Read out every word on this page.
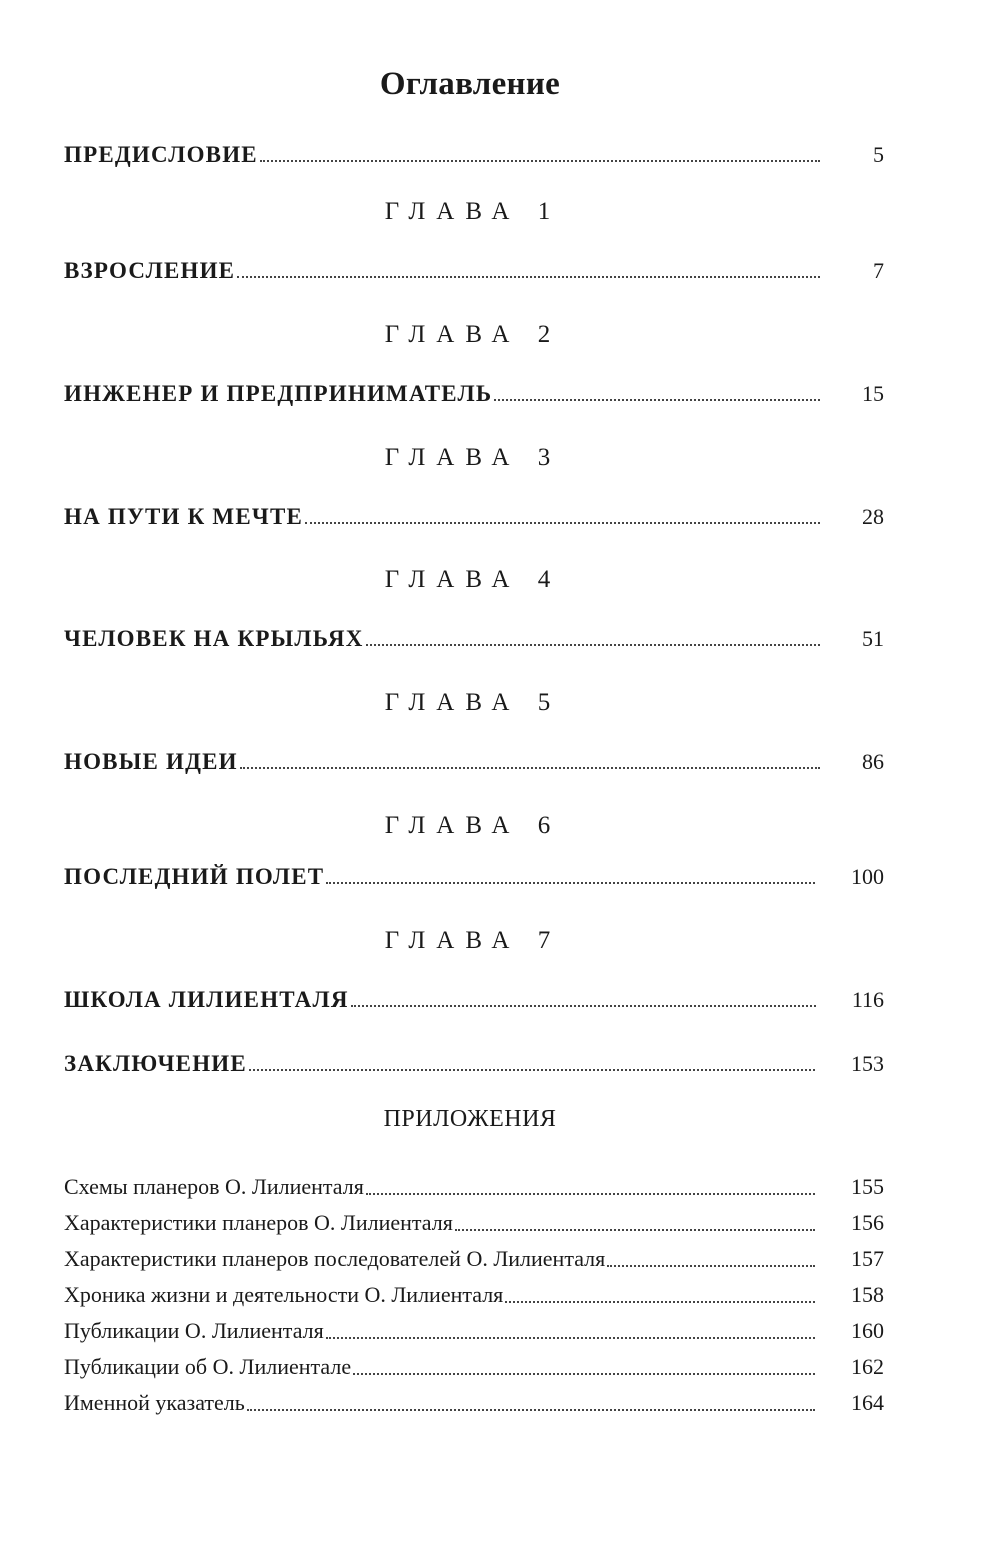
Оглавление
ПРЕДИСЛОВИЕ	5
ГЛАВА 1
ВЗРОСЛЕНИЕ	7
ГЛАВА 2
ИНЖЕНЕР И ПРЕДПРИНИМАТЕЛЬ	15
ГЛАВА 3
НА ПУТИ К МЕЧТЕ	28
ГЛАВА 4
ЧЕЛОВЕК НА КРЫЛЬЯХ	51
ГЛАВА 5
НОВЫЕ ИДЕИ	86
ГЛАВА 6
ПОСЛЕДНИЙ ПОЛЕТ	100
ГЛАВА 7
ШКОЛА ЛИЛИЕНТАЛЯ	116
ЗАКЛЮЧЕНИЕ	153
ПРИЛОЖЕНИЯ
Схемы планеров О. Лилиенталя	155
Характеристики планеров О. Лилиенталя	156
Характеристики планеров последователей О. Лилиенталя	157
Хроника жизни и деятельности О. Лилиенталя	158
Публикации О. Лилиенталя	160
Публикации об О. Лилиентале	162
Именной указатель	164
